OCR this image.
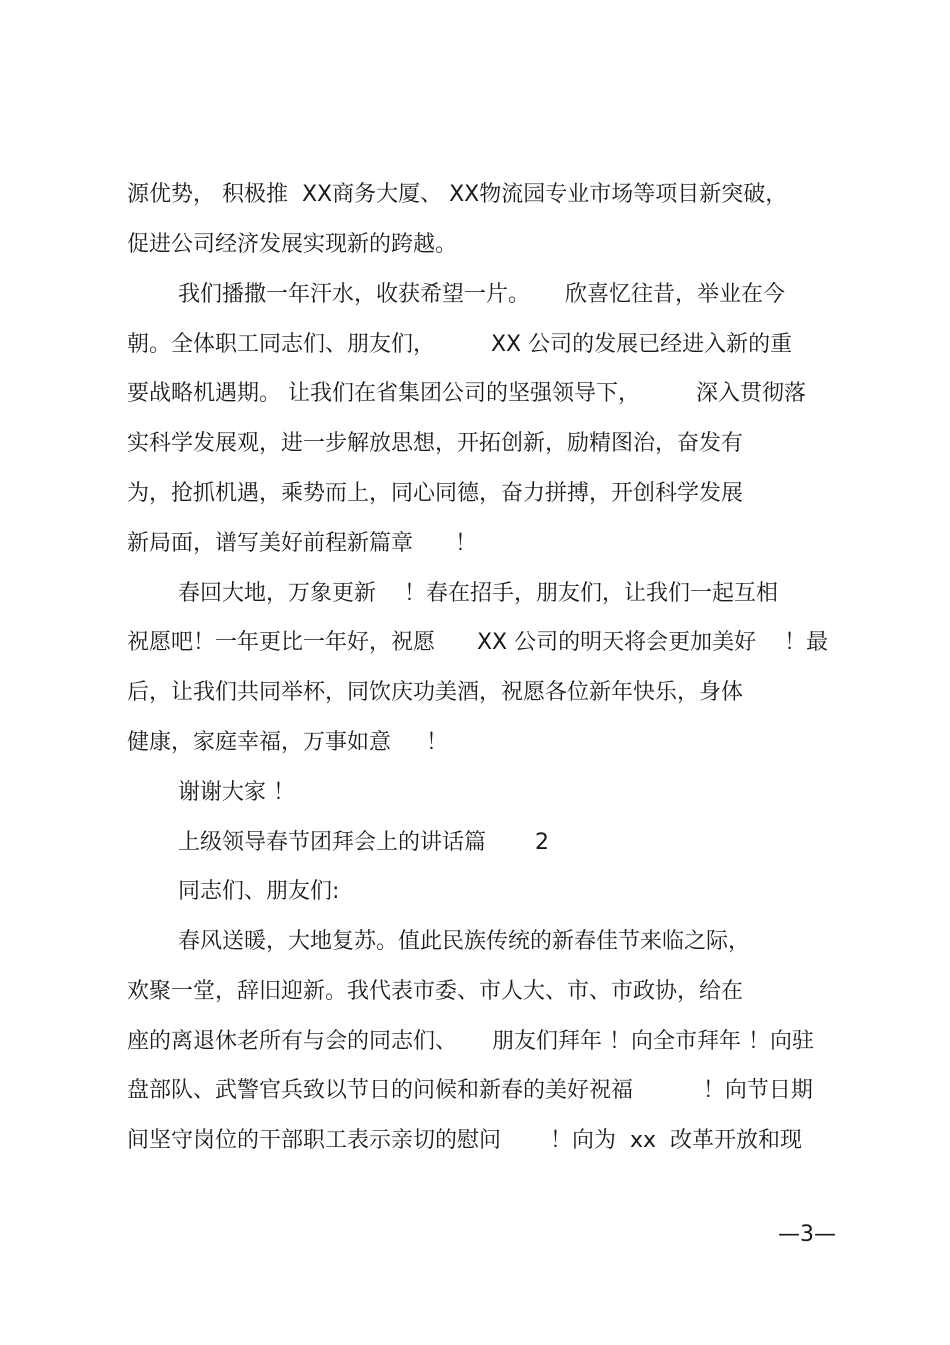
源优势， 积极推  XX商务大厦、 XX物流园专业市场等项目新突破，
促进公司经济发展实现新的跨越。
我们播撒一年汗水，收获希望一片。     欣喜忆往昔，举业在今
朝。全体职工同志们、朋友们，        XX 公司的发展已经进入新的重
要战略机遇期。 让我们在省集团公司的坚强领导下，        深入贯彻落
实科学发展观，进一步解放思想，开拓创新，励精图治，奋发有
为，抢抓机遇，乘势而上，同心同德，奋力拼搏，开创科学发展
新局面，谱写美好前程新篇章      ！
春回大地，万象更新    ！春在招手，朋友们，让我们一起互相
祝愿吧！一年更比一年好，祝愿      XX 公司的明天将会更加美好    ！最
后，让我们共同举杯，同饮庆功美酒，祝愿各位新年快乐，身体
健康，家庭幸福，万事如意     ！
谢谢大家 ！
上级领导春节团拜会上的讲话篇       2
同志们、朋友们:
春风送暖，大地复苏。值此民族传统的新春佳节来临之际，
欢聚一堂，辞旧迎新。我代表市委、市人大、市、市政协，给在
座的离退休老所有与会的同志们、     朋友们拜年 ！向全市拜年 ！向驻
盘部队、武警官兵致以节日的问候和新春的美好祝福          ！向节日期
间坚守岗位的干部职工表示亲切的慰问       ！向为  xx  改革开放和现
—3—
